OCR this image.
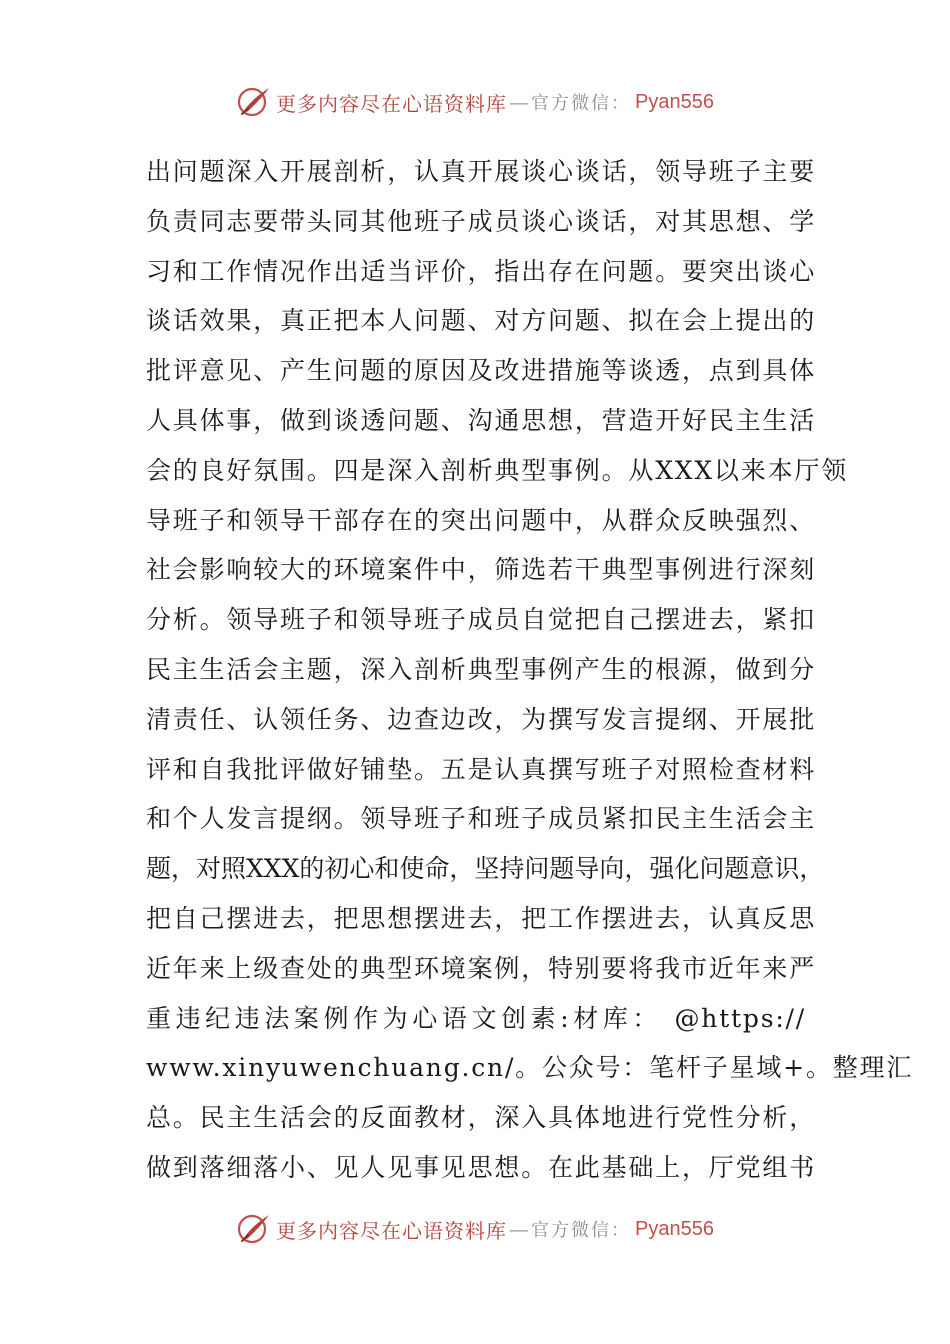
更多内容尽在心语资料库 — 官方微信： Pyan556
出问题深入开展剖析，认真开展谈心谈话，领导班子主要
负责同志要带头同其他班子成员谈心谈话，对其思想、学
习和工作情况作出适当评价，指出存在问题。要突出谈心
谈话效果，真正把本人问题、对方问题、拟在会上提出的
批评意见、产生问题的原因及改进措施等谈透，点到具体
人具体事，做到谈透问题、沟通思想，营造开好民主生活
会的良好氛围。四是深入剖析典型事例。从XXX以来本厅领
导班子和领导干部存在的突出问题中，从群众反映强烈、
社会影响较大的环境案件中，筛选若干典型事例进行深刻
分析。领导班子和领导班子成员自觉把自己摆进去，紧扣
民主生活会主题，深入剖析典型事例产生的根源，做到分
清责任、认领任务、边查边改，为撰写发言提纲、开展批
评和自我批评做好铺垫。五是认真撰写班子对照检查材料
和个人发言提纲。领导班子和班子成员紧扣民主生活会主
题，对照XXX的初心和使命，坚持问题导向，强化问题意识，
把自己摆进去，把思想摆进去，把工作摆进去，认真反思
近年来上级查处的典型环境案例，特别要将我市近年来严
重违纪违法案例作为心语文创素:材库： @https://
www.xinyuwenchuang.cn/。公众号：笔杆子星域+。整理汇
总。民主生活会的反面教材，深入具体地进行党性分析，
做到落细落小、见人见事见思想。在此基础上，厅党组书
更多内容尽在心语资料库 — 官方微信： Pyan556
